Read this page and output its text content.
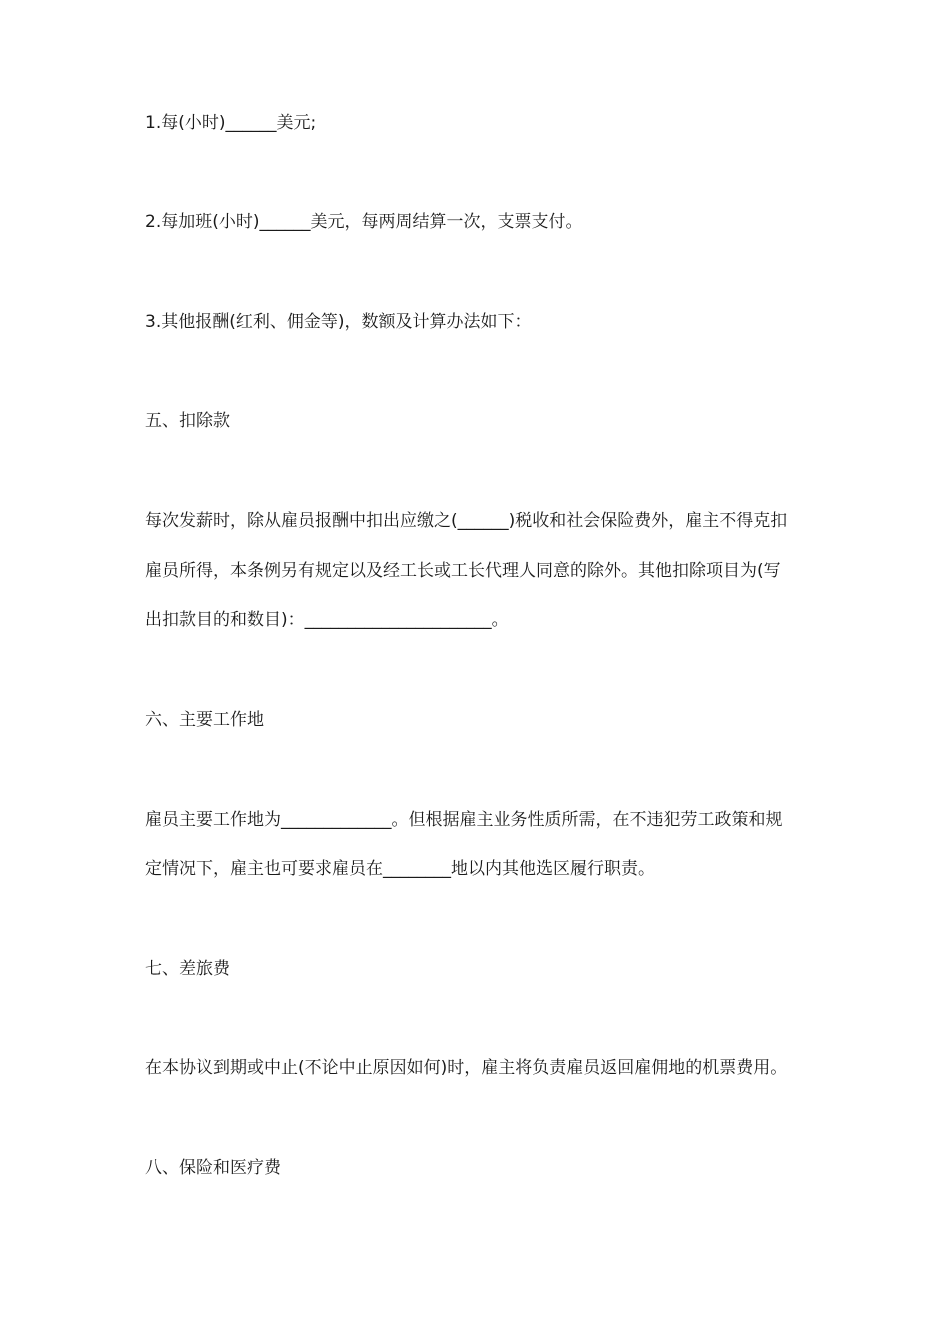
1.每(小时)______美元;
2.每加班(小时)______美元，每两周结算一次，支票支付。
3.其他报酬(红利、佣金等)，数额及计算办法如下：
五、扣除款
每次发薪时，除从雇员报酬中扣出应缴之(______)税收和社会保险费外，雇主不得克扣
雇员所得，本条例另有规定以及经工长或工长代理人同意的除外。其他扣除项目为(写
出扣款目的和数目)：______________________。
六、主要工作地
雇员主要工作地为_____________。但根据雇主业务性质所需，在不违犯劳工政策和规
定情况下，雇主也可要求雇员在________地以内其他选区履行职责。
七、差旅费
在本协议到期或中止(不论中止原因如何)时，雇主将负责雇员返回雇佣地的机票费用。
八、保险和医疗费
